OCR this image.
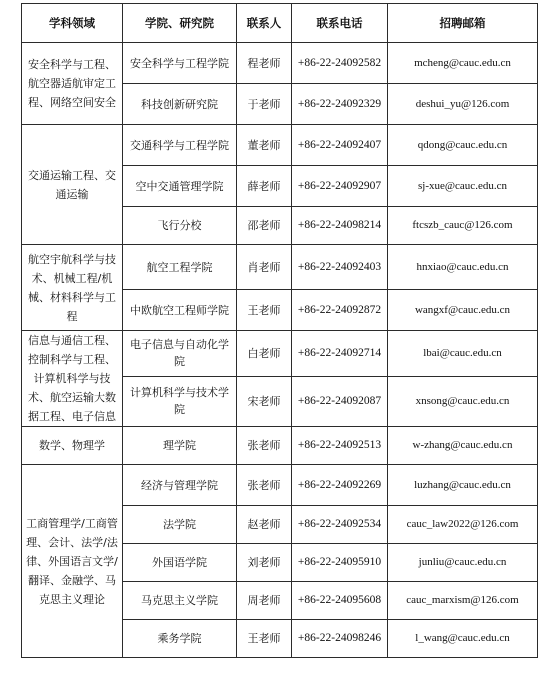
学科领域	学院、研究院	联系人	联系电话	招聘邮箱
安全科学与工程、航空器适航审定工程、网络空间安全	安全科学与工程学院	程老师	+86-22-24092582	mcheng@cauc.edu.cn
	科技创新研究院	于老师	+86-22-24092329	deshui_yu@126.com
交通运输工程、交通运输	交通科学与工程学院	董老师	+86-22-24092407	qdong@cauc.edu.cn
	空中交通管理学院	薛老师	+86-22-24092907	sj-xue@cauc.edu.cn
	飞行分校	邵老师	+86-22-24098214	ftcszb_cauc@126.com
航空宇航科学与技术、机械工程/机械、材料科学与工程	航空工程学院	肖老师	+86-22-24092403	hnxiao@cauc.edu.cn
	中欧航空工程师学院	王老师	+86-22-24092872	wangxf@cauc.edu.cn
信息与通信工程、控制科学与工程、计算机科学与技术、航空运输大数据工程、电子信息	电子信息与自动化学院	白老师	+86-22-24092714	lbai@cauc.edu.cn
	计算机科学与技术学院	宋老师	+86-22-24092087	xnsong@cauc.edu.cn
数学、物理学	理学院	张老师	+86-22-24092513	w-zhang@cauc.edu.cn
工商管理学/工商管理、会计、法学/法律、外国语言文学/翻译、金融学、马克思主义理论	经济与管理学院	张老师	+86-22-24092269	luzhang@cauc.edu.cn
	法学院	赵老师	+86-22-24092534	cauc_law2022@126.com
	外国语学院	刘老师	+86-22-24095910	junliu@cauc.edu.cn
	马克思主义学院	周老师	+86-22-24095608	cauc_marxism@126.com
	乘务学院	王老师	+86-22-24098246	l_wang@cauc.edu.cn
